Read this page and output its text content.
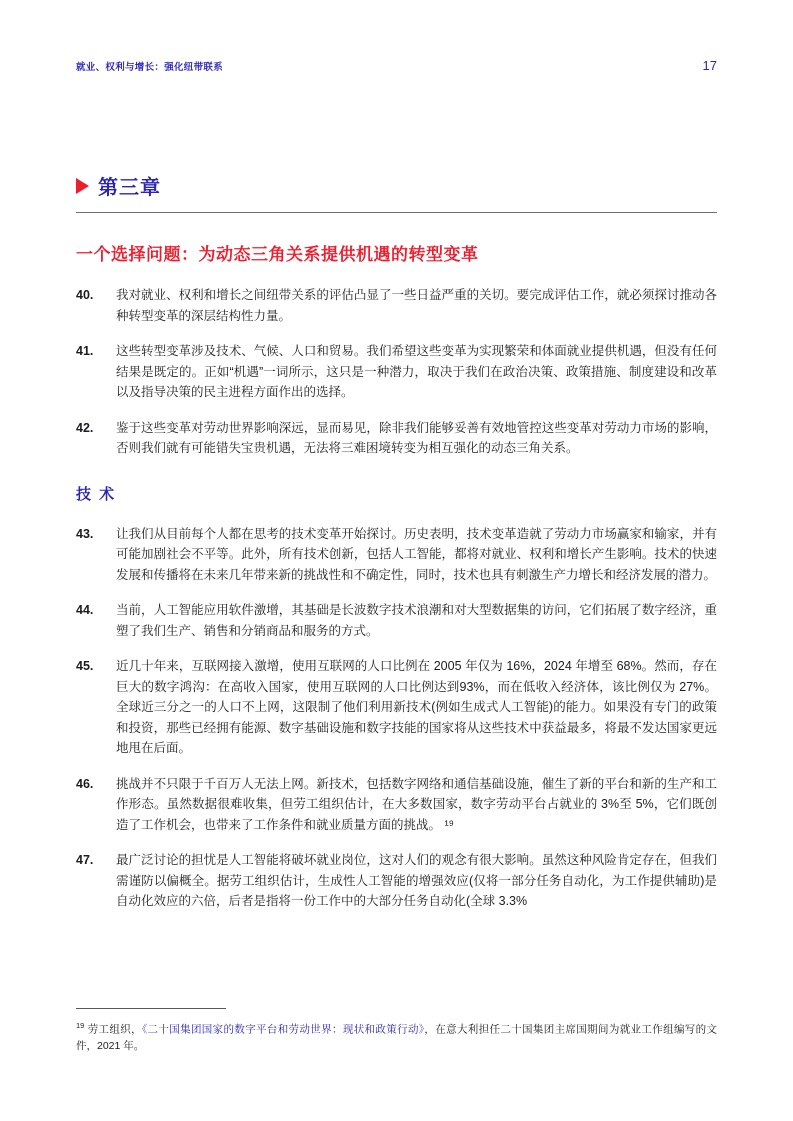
就业、权利与增长：强化纽带联系	17
第三章
一个选择问题：为动态三角关系提供机遇的转型变革
40.	我对就业、权利和增长之间纽带关系的评估凸显了一些日益严重的关切。要完成评估工作，就必须探讨推动各种转型变革的深层结构性力量。
41.	这些转型变革涉及技术、气候、人口和贸易。我们希望这些变革为实现繁荣和体面就业提供机遇，但没有任何结果是既定的。正如“机遇”一词所示，这只是一种潜力，取决于我们在政治决策、政策措施、制度建设和改革以及指导决策的民主进程方面作出的选择。
42.	鉴于这些变革对劳动世界影响深远，显而易见，除非我们能够妥善有效地管控这些变革对劳动力市场的影响，否则我们就有可能错失宝贵机遇，无法将三难困境转变为相互强化的动态三角关系。
技 术
43.	让我们从目前每个人都在思考的技术变革开始探讨。历史表明，技术变革造就了劳动力市场赢家和输家，并有可能加剧社会不平等。此外，所有技术创新，包括人工智能，都将对就业、权利和增长产生影响。技术的快速发展和传播将在未来几年带来新的挑战性和不确定性，同时，技术也具有刺激生产力增长和经济发展的潜力。
44.	当前，人工智能应用软件激增，其基础是长波数字技术浪潮和对大型数据集的访问，它们拓展了数字经济，重塑了我们生产、销售和分销商品和服务的方式。
45.	近几十年来，互联网接入激增，使用互联网的人口比例在 2005 年仅为 16%，2024 年增至 68%。然而，存在巨大的数字鸿沟：在高收入国家，使用互联网的人口比例达到93%，而在低收入经济体，该比例仅为 27%。全球近三分之一的人口不上网，这限制了他们利用新技术(例如生成式人工智能)的能力。如果没有专门的政策和投资，那些已经拥有能源、数字基础设施和数字技能的国家将从这些技术中获益最多，将最不发达国家更远地甩在后面。
46.	挑战并不只限于千百万人无法上网。新技术，包括数字网络和通信基础设施，催生了新的平台和新的生产和工作形态。虽然数据很难收集，但劳工组织估计，在大多数国家，数字劳动平台占就业的 3%至 5%，它们既创造了工作机会，也带来了工作条件和就业质量方面的挑战。 ¹⁹
47.	最广泛讨论的担忧是人工智能将破坏就业岗位，这对人们的观念有很大影响。虽然这种风险肯定存在，但我们需谨防以偏概全。据劳工组织估计，生成性人工智能的增强效应(仅将一部分任务自动化，为工作提供辅助)是自动化效应的六倍，后者是指将一份工作中的大部分任务自动化(全球 3.3%

$^{19}$ 劳工组织，《二十国集团国家的数字平台和劳动世界：现状和政策行动》，在意大利担任二十国集团主席国期间为就业工作组编写的文件，2021 年。
